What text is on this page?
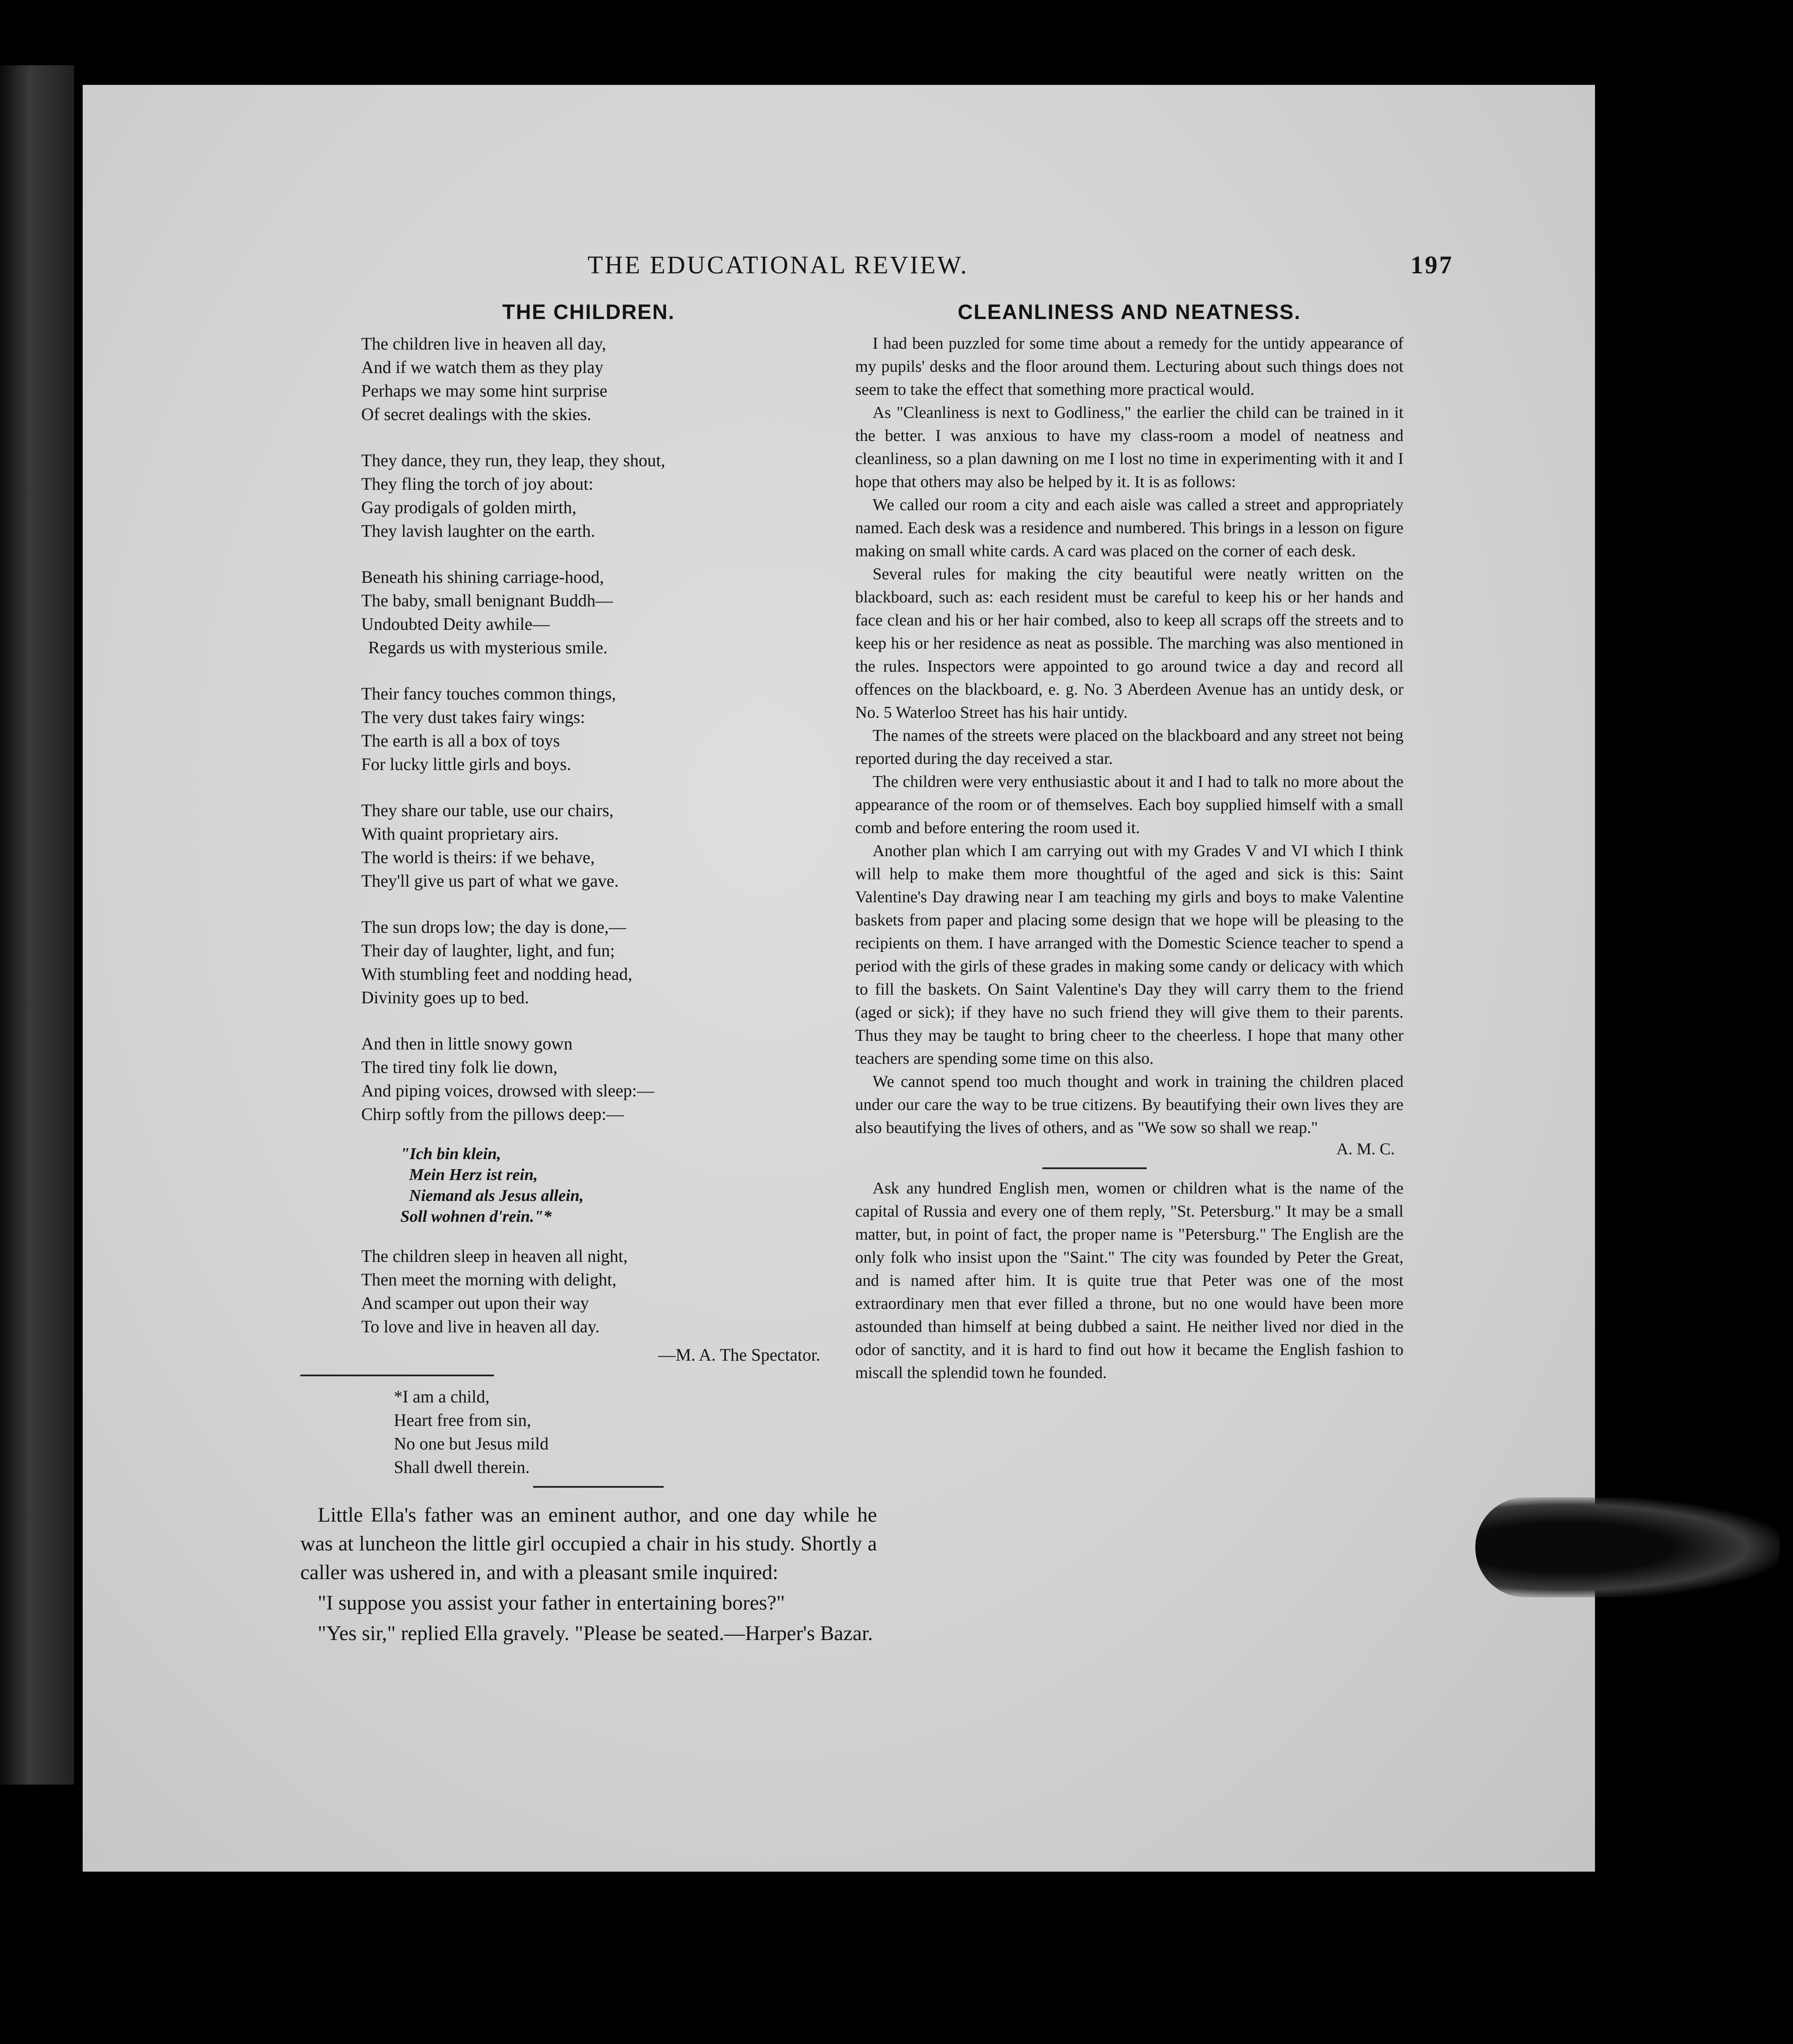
THE EDUCATIONAL REVIEW.	197
THE CHILDREN.
The children live in heaven all day,
And if we watch them as they play
Perhaps we may some hint surprise
Of secret dealings with the skies.
They dance, they run, they leap, they shout,
They fling the torch of joy about:
Gay prodigals of golden mirth,
They lavish laughter on the earth.
Beneath his shining carriage-hood,
The baby, small benignant Buddh—
Undoubted Deity awhile—
Regards us with mysterious smile.
Their fancy touches common things,
The very dust takes fairy wings:
The earth is all a box of toys
For lucky little girls and boys.
They share our table, use our chairs,
With quaint proprietary airs.
The world is theirs: if we behave,
They'll give us part of what we gave.
The sun drops low; the day is done,—
Their day of laughter, light, and fun;
With stumbling feet and nodding head,
Divinity goes up to bed.
And then in little snowy gown
The tired tiny folk lie down,
And piping voices, drowsed with sleep:—
Chirp softly from the pillows deep:—
"Ich bin klein,
Mein Herz ist rein,
Niemand als Jesus allein,
Soll wohnen d'rein."*
The children sleep in heaven all night,
Then meet the morning with delight,
And scamper out upon their way
To love and live in heaven all day.
—M. A. The Spectator.
*I am a child,
Heart free from sin,
No one but Jesus mild
Shall dwell therein.

Little Ella's father was an eminent author, and one day while he was at luncheon the little girl occupied a chair in his study. Shortly a caller was ushered in, and with a pleasant smile inquired:

"I suppose you assist your father in entertaining bores?"

"Yes sir," replied Ella gravely. "Please be seated.—Harper's Bazar.

CLEANLINESS AND NEATNESS.

I had been puzzled for some time about a remedy for the untidy appearance of my pupils' desks and the floor around them. Lecturing about such things does not seem to take the effect that something more practical would.

As "Cleanliness is next to Godliness," the earlier the child can be trained in it the better. I was anxious to have my class-room a model of neatness and cleanliness, so a plan dawning on me I lost no time in experimenting with it and I hope that others may also be helped by it. It is as follows:

We called our room a city and each aisle was called a street and appropriately named. Each desk was a residence and numbered. This brings in a lesson on figure making on small white cards. A card was placed on the corner of each desk.

Several rules for making the city beautiful were neatly written on the blackboard, such as: each resident must be careful to keep his or her hands and face clean and his or her hair combed, also to keep all scraps off the streets and to keep his or her residence as neat as possible. The marching was also mentioned in the rules. Inspectors were appointed to go around twice a day and record all offences on the blackboard, e. g. No. 3 Aberdeen Avenue has an untidy desk, or No. 5 Waterloo Street has his hair untidy.

The names of the streets were placed on the blackboard and any street not being reported during the day received a star.

The children were very enthusiastic about it and I had to talk no more about the appearance of the room or of themselves. Each boy supplied himself with a small comb and before entering the room used it.

Another plan which I am carrying out with my Grades V and VI which I think will help to make them more thoughtful of the aged and sick is this: Saint Valentine's Day drawing near I am teaching my girls and boys to make Valentine baskets from paper and placing some design that we hope will be pleasing to the recipients on them. I have arranged with the Domestic Science teacher to spend a period with the girls of these grades in making some candy or delicacy with which to fill the baskets. On Saint Valentine's Day they will carry them to the friend (aged or sick); if they have no such friend they will give them to their parents. Thus they may be taught to bring cheer to the cheerless. I hope that many other teachers are spending some time on this also.

We cannot spend too much thought and work in training the children placed under our care the way to be true citizens. By beautifying their own lives they are also beautifying the lives of others, and as "We sow so shall we reap."

A. M. C.

Ask any hundred English men, women or children what is the name of the capital of Russia and every one of them reply, "St. Petersburg." It may be a small matter, but, in point of fact, the proper name is "Petersburg." The English are the only folk who insist upon the "Saint." The city was founded by Peter the Great, and is named after him. It is quite true that Peter was one of the most extraordinary men that ever filled a throne, but no one would have been more astounded than himself at being dubbed a saint. He neither lived nor died in the odor of sanctity, and it is hard to find out how it became the English fashion to miscall the splendid town he founded.
